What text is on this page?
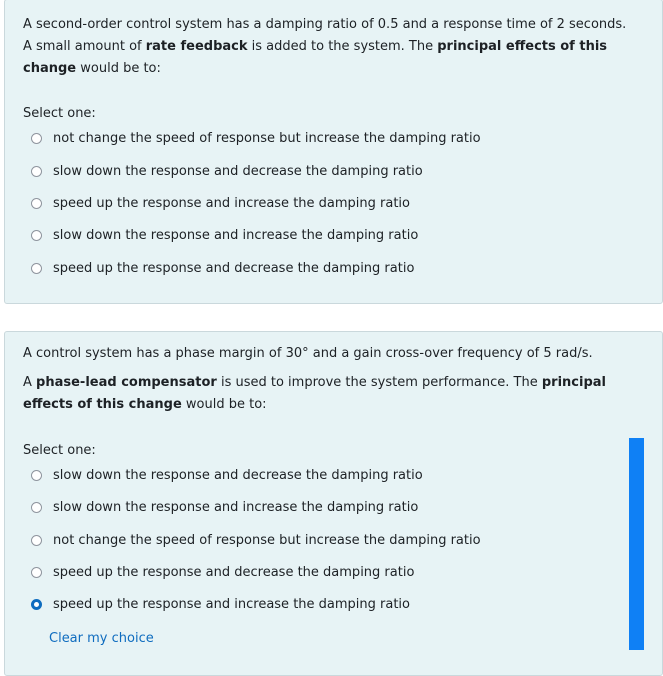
A second-order control system has a damping ratio of 0.5 and a response time of 2 seconds.
A small amount of rate feedback is added to the system. The principal effects of this
change would be to:
Select one:
not change the speed of response but increase the damping ratio
slow down the response and decrease the damping ratio
speed up the response and increase the damping ratio
slow down the response and increase the damping ratio
speed up the response and decrease the damping ratio
A control system has a phase margin of 30° and a gain cross-over frequency of 5 rad/s.
A phase-lead compensator is used to improve the system performance. The principal
effects of this change would be to:
Select one:
slow down the response and decrease the damping ratio
slow down the response and increase the damping ratio
not change the speed of response but increase the damping ratio
speed up the response and decrease the damping ratio
speed up the response and increase the damping ratio
Clear my choice
